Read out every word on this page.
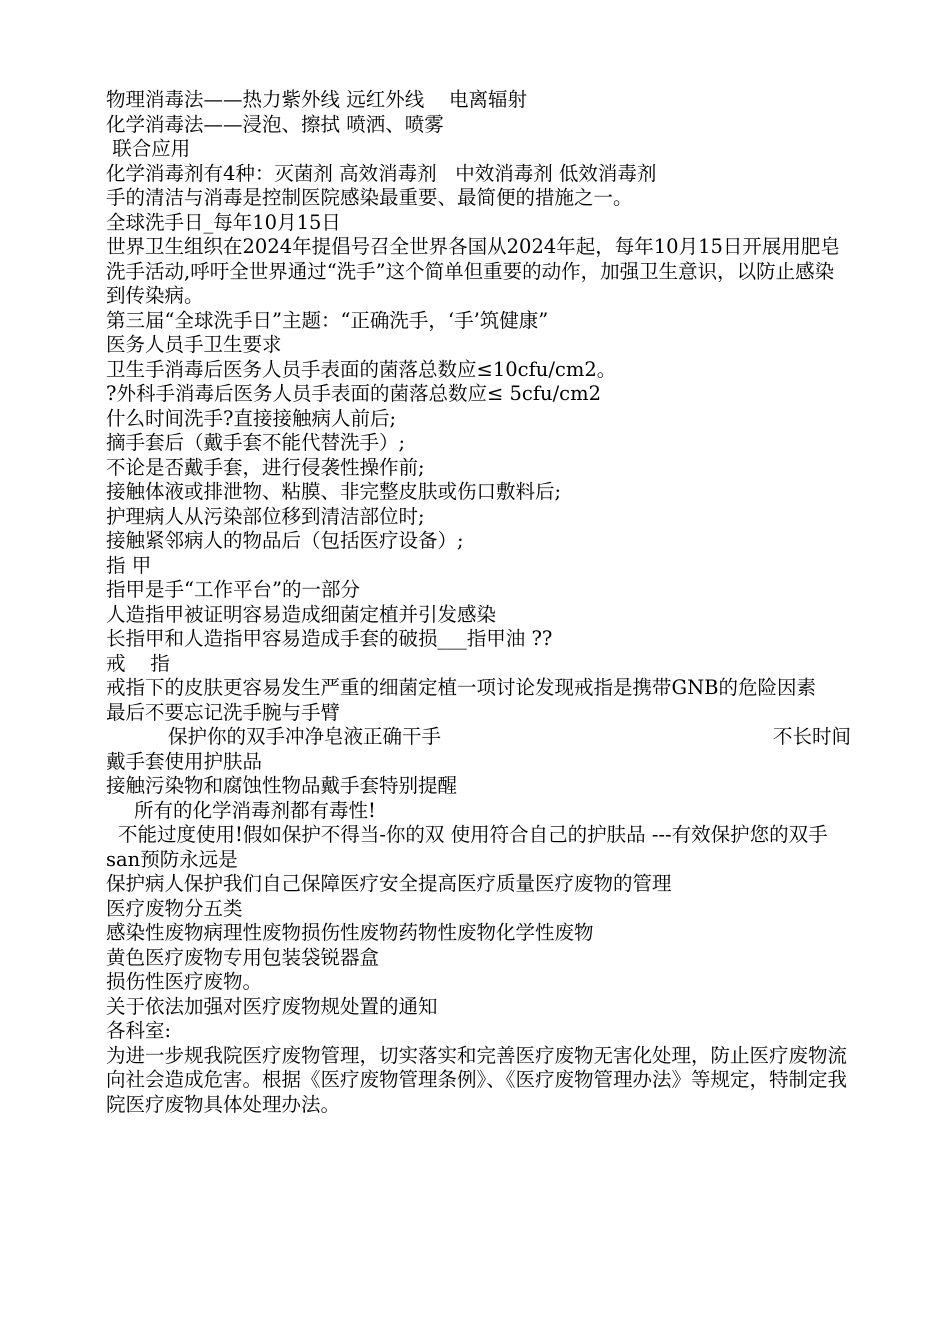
物理消毒法——热力紫外线 远红外线    电离辐射
化学消毒法——浸泡、擦拭 喷洒、喷雾
联合应用
化学消毒剂有4种：灭菌剂 高效消毒剂   中效消毒剂 低效消毒剂
手的清洁与消毒是控制医院感染最重要、最简便的措施之一。
全球洗手日_每年10月15日
世界卫生组织在2024年提倡号召全世界各国从2024年起，每年10月15日开展用肥皂洗手活动,呼吁全世界通过“洗手”这个简单但重要的动作，加强卫生意识，以防止感染到传染病。
第三届“全球洗手日”主题：“正确洗手，‘手’筑健康”
医务人员手卫生要求
卫生手消毒后医务人员手表面的菌落总数应≤10cfu/cm2。
?外科手消毒后医务人员手表面的菌落总数应≤ 5cfu/cm2
什么时间洗手?直接接触病人前后;
摘手套后（戴手套不能代替洗手）;
不论是否戴手套，进行侵袭性操作前;
接触体液或排泄物、粘膜、非完整皮肤或伤口敷料后;
护理病人从污染部位移到清洁部位时;
接触紧邻病人的物品后（包括医疗设备）;
指 甲
指甲是手“工作平台”的一部分
人造指甲被证明容易造成细菌定植并引发感染
长指甲和人造指甲容易造成手套的破损___指甲油 ??
戒    指
戒指下的皮肤更容易发生严重的细菌定植一项讨论发现戒指是携带GNB的危险因素
最后不要忘记洗手腕与手臂
保护你的双手冲净皂液正确干手	不长时间
戴手套使用护肤品
接触污染物和腐蚀性物品戴手套特别提醒
所有的化学消毒剂都有毒性!
不能过度使用!假如保护不得当-你的双 使用符合自己的护肤品 ---有效保护您的双手
san预防永远是
保护病人保护我们自己保障医疗安全提高医疗质量医疗废物的管理
医疗废物分五类
感染性废物病理性废物损伤性废物药物性废物化学性废物
黄色医疗废物专用包装袋锐器盒
损伤性医疗废物。
关于依法加强对医疗废物规处置的通知
各科室:
为进一步规我院医疗废物管理，切实落实和完善医疗废物无害化处理，防止医疗废物流向社会造成危害。根据《医疗废物管理条例》、《医疗废物管理办法》等规定，特制定我院医疗废物具体处理办法。
